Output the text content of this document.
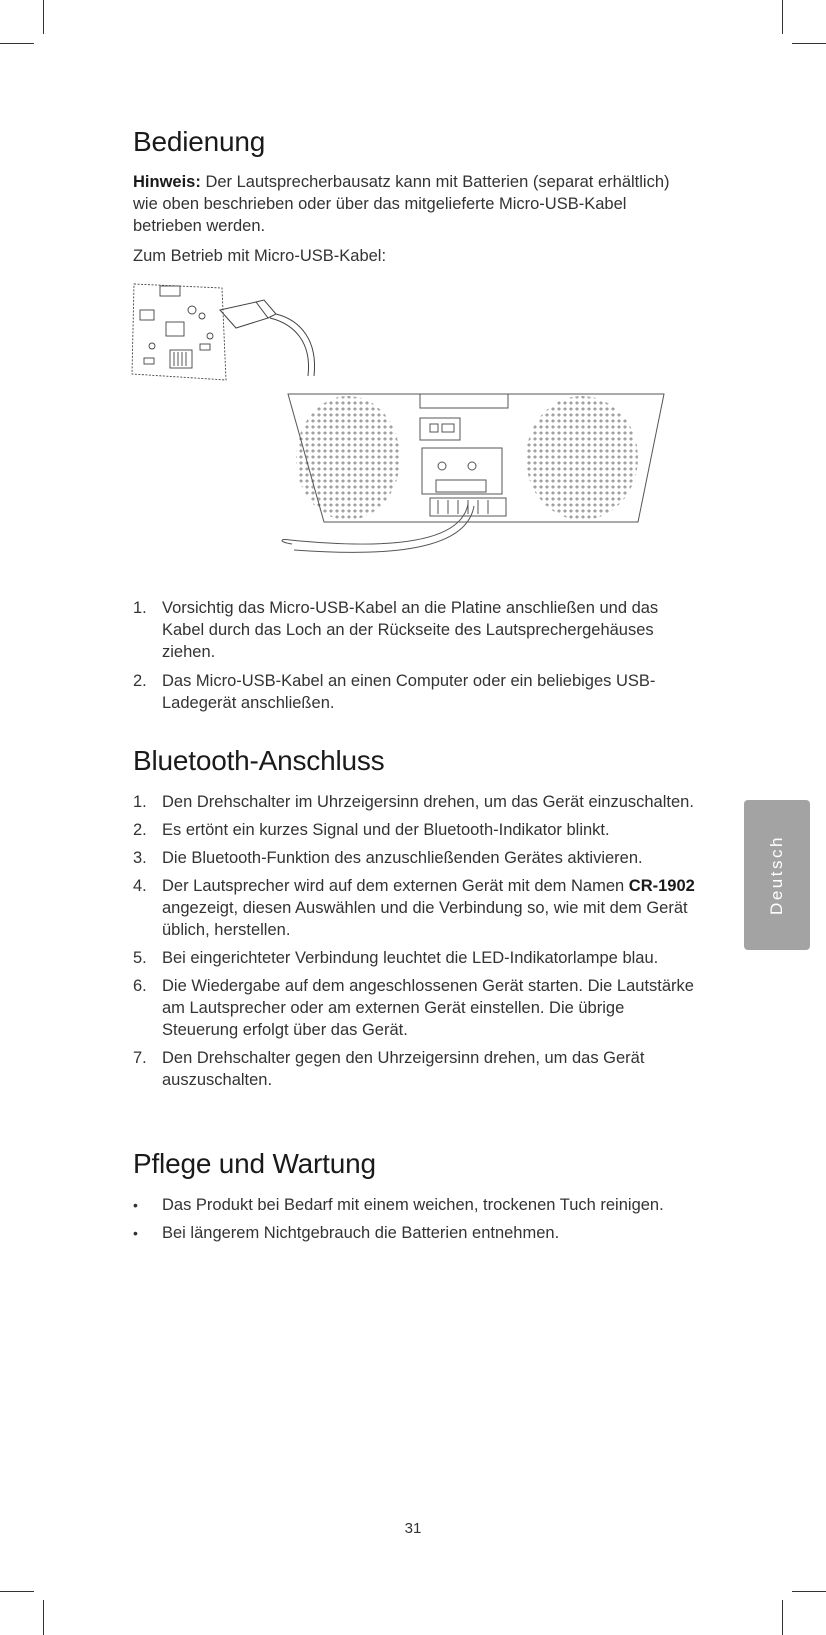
Bedienung

Hinweis: Der Lautsprecherbausatz kann mit Batterien (separat erhältlich) wie oben beschrieben oder über das mitgelieferte Micro-USB-Kabel betrieben werden.

Zum Betrieb mit Micro-USB-Kabel:

1. Vorsichtig das Micro-USB-Kabel an die Platine anschließen und das Kabel durch das Loch an der Rückseite des Lautsprechergehäuses ziehen.
2. Das Micro-USB-Kabel an einen Computer oder ein beliebiges USB-Ladegerät anschließen.
Bluetooth-Anschluss
1. Den Drehschalter im Uhrzeigersinn drehen, um das Gerät einzuschalten.
2. Es ertönt ein kurzes Signal und der Bluetooth-Indikator blinkt.
3. Die Bluetooth-Funktion des anzuschließenden Gerätes aktivieren.
4. Der Lautsprecher wird auf dem externen Gerät mit dem Namen CR-1902 angezeigt, diesen Auswählen und die Verbindung so, wie mit dem Gerät üblich, herstellen.
5. Bei eingerichteter Verbindung leuchtet die LED-Indikatorlampe blau.
6. Die Wiedergabe auf dem angeschlossenen Gerät starten. Die Lautstärke am Lautsprecher oder am externen Gerät einstellen. Die übrige Steuerung erfolgt über das Gerät.
7. Den Drehschalter gegen den Uhrzeigersinn drehen, um das Gerät auszuschalten.
Pflege und Wartung
• Das Produkt bei Bedarf mit einem weichen, trockenen Tuch reinigen.
• Bei längerem Nichtgebrauch die Batterien entnehmen.
Deutsch
31
